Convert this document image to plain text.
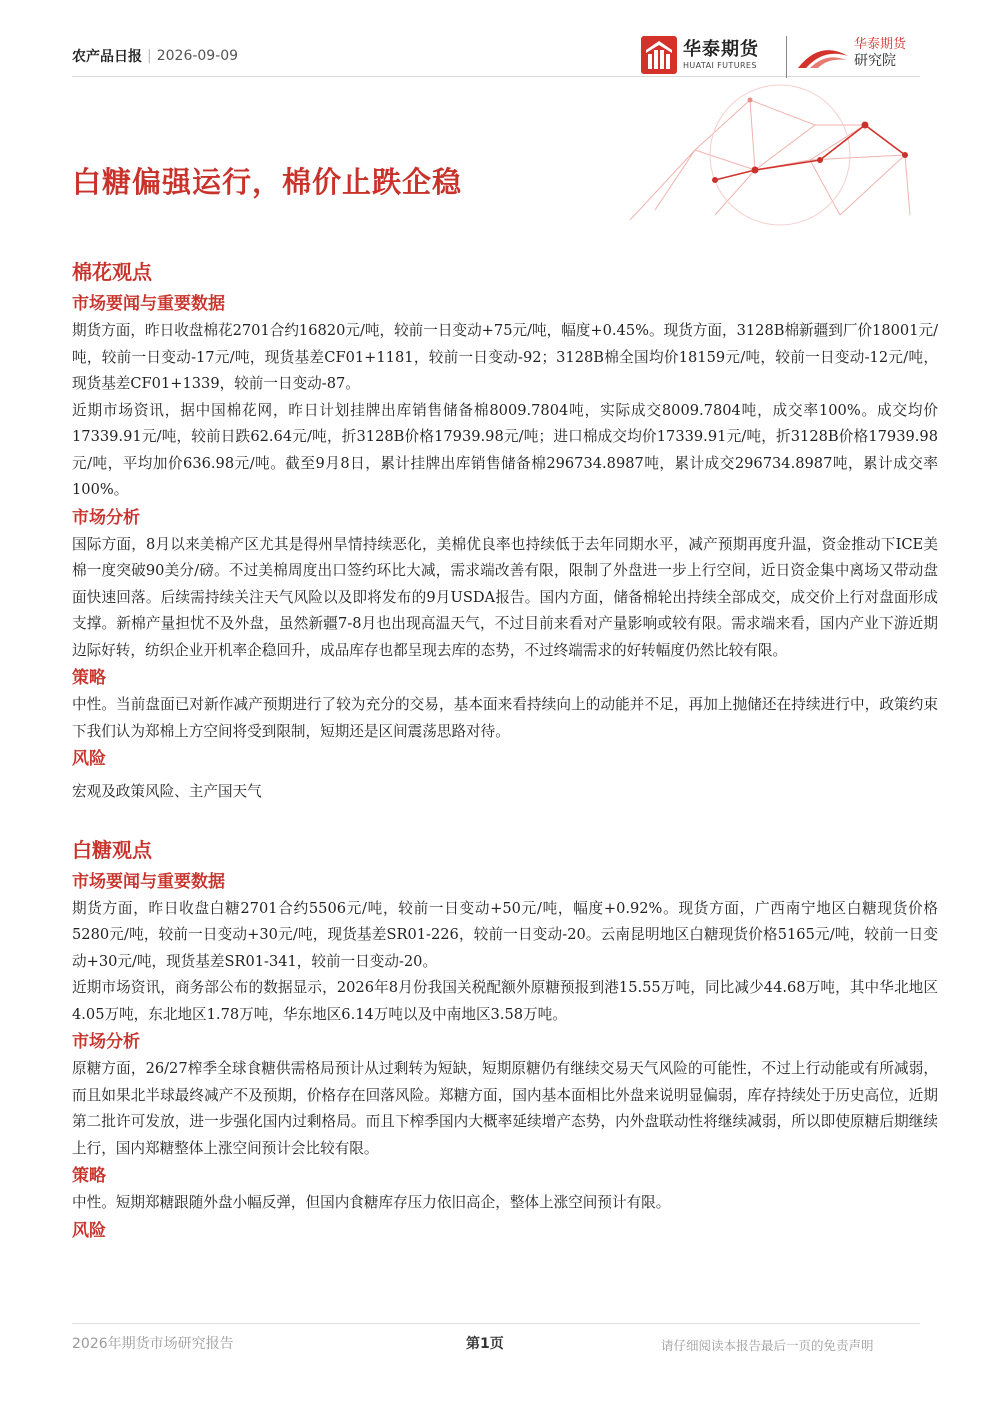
农产品日报 | 2026-09-09	华泰期货
HUATAI FUTURES
华泰期货
研究院
白糖偏强运行，棉价止跌企稳
棉花观点
市场要闻与重要数据

期货方面，昨日收盘棉花2701合约16820元/吨，较前一日变动+75元/吨，幅度+0.45%。现货方面，3128B棉新疆到厂价18001元/吨，较前一日变动-17元/吨，现货基差CF01+1181，较前一日变动-92；3128B棉全国均价18159元/吨，较前一日变动-12元/吨，现货基差CF01+1339，较前一日变动-87。

近期市场资讯，据中国棉花网，昨日计划挂牌出库销售储备棉8009.7804吨，实际成交8009.7804吨，成交率100%。成交均价17339.91元/吨，较前日跌62.64元/吨，折3128B价格17939.98元/吨；进口棉成交均价17339.91元/吨，折3128B价格17939.98元/吨，平均加价636.98元/吨。截至9月8日，累计挂牌出库销售储备棉296734.8987吨，累计成交296734.8987吨，累计成交率100%。

市场分析

国际方面，8月以来美棉产区尤其是得州旱情持续恶化，美棉优良率也持续低于去年同期水平，减产预期再度升温，资金推动下ICE美棉一度突破90美分/磅。不过美棉周度出口签约环比大减，需求端改善有限，限制了外盘进一步上行空间，近日资金集中离场又带动盘面快速回落。后续需持续关注天气风险以及即将发布的9月USDA报告。国内方面，储备棉轮出持续全部成交，成交价上行对盘面形成支撑。新棉产量担忧不及外盘，虽然新疆7-8月也出现高温天气，不过目前来看对产量影响或较有限。需求端来看，国内产业下游近期边际好转，纺织企业开机率企稳回升，成品库存也都呈现去库的态势，不过终端需求的好转幅度仍然比较有限。

策略

中性。当前盘面已对新作减产预期进行了较为充分的交易，基本面来看持续向上的动能并不足，再加上抛储还在持续进行中，政策约束下我们认为郑棉上方空间将受到限制，短期还是区间震荡思路对待。

风险

宏观及政策风险、主产国天气

白糖观点
市场要闻与重要数据

期货方面，昨日收盘白糖2701合约5506元/吨，较前一日变动+50元/吨，幅度+0.92%。现货方面，广西南宁地区白糖现货价格5280元/吨，较前一日变动+30元/吨，现货基差SR01-226，较前一日变动-20。云南昆明地区白糖现货价格5165元/吨，较前一日变动+30元/吨，现货基差SR01-341，较前一日变动-20。

近期市场资讯，商务部公布的数据显示，2026年8月份我国关税配额外原糖预报到港15.55万吨，同比减少44.68万吨，其中华北地区4.05万吨，东北地区1.78万吨，华东地区6.14万吨以及中南地区3.58万吨。

市场分析

原糖方面，26/27榨季全球食糖供需格局预计从过剩转为短缺，短期原糖仍有继续交易天气风险的可能性，不过上行动能或有所减弱，而且如果北半球最终减产不及预期，价格存在回落风险。郑糖方面，国内基本面相比外盘来说明显偏弱，库存持续处于历史高位，近期第二批许可发放，进一步强化国内过剩格局。而且下榨季国内大概率延续增产态势，内外盘联动性将继续减弱，所以即使原糖后期继续上行，国内郑糖整体上涨空间预计会比较有限。

策略

中性。短期郑糖跟随外盘小幅反弹，但国内食糖库存压力依旧高企，整体上涨空间预计有限。

风险
2026年期货市场研究报告	第1页	请仔细阅读本报告最后一页的免责声明
